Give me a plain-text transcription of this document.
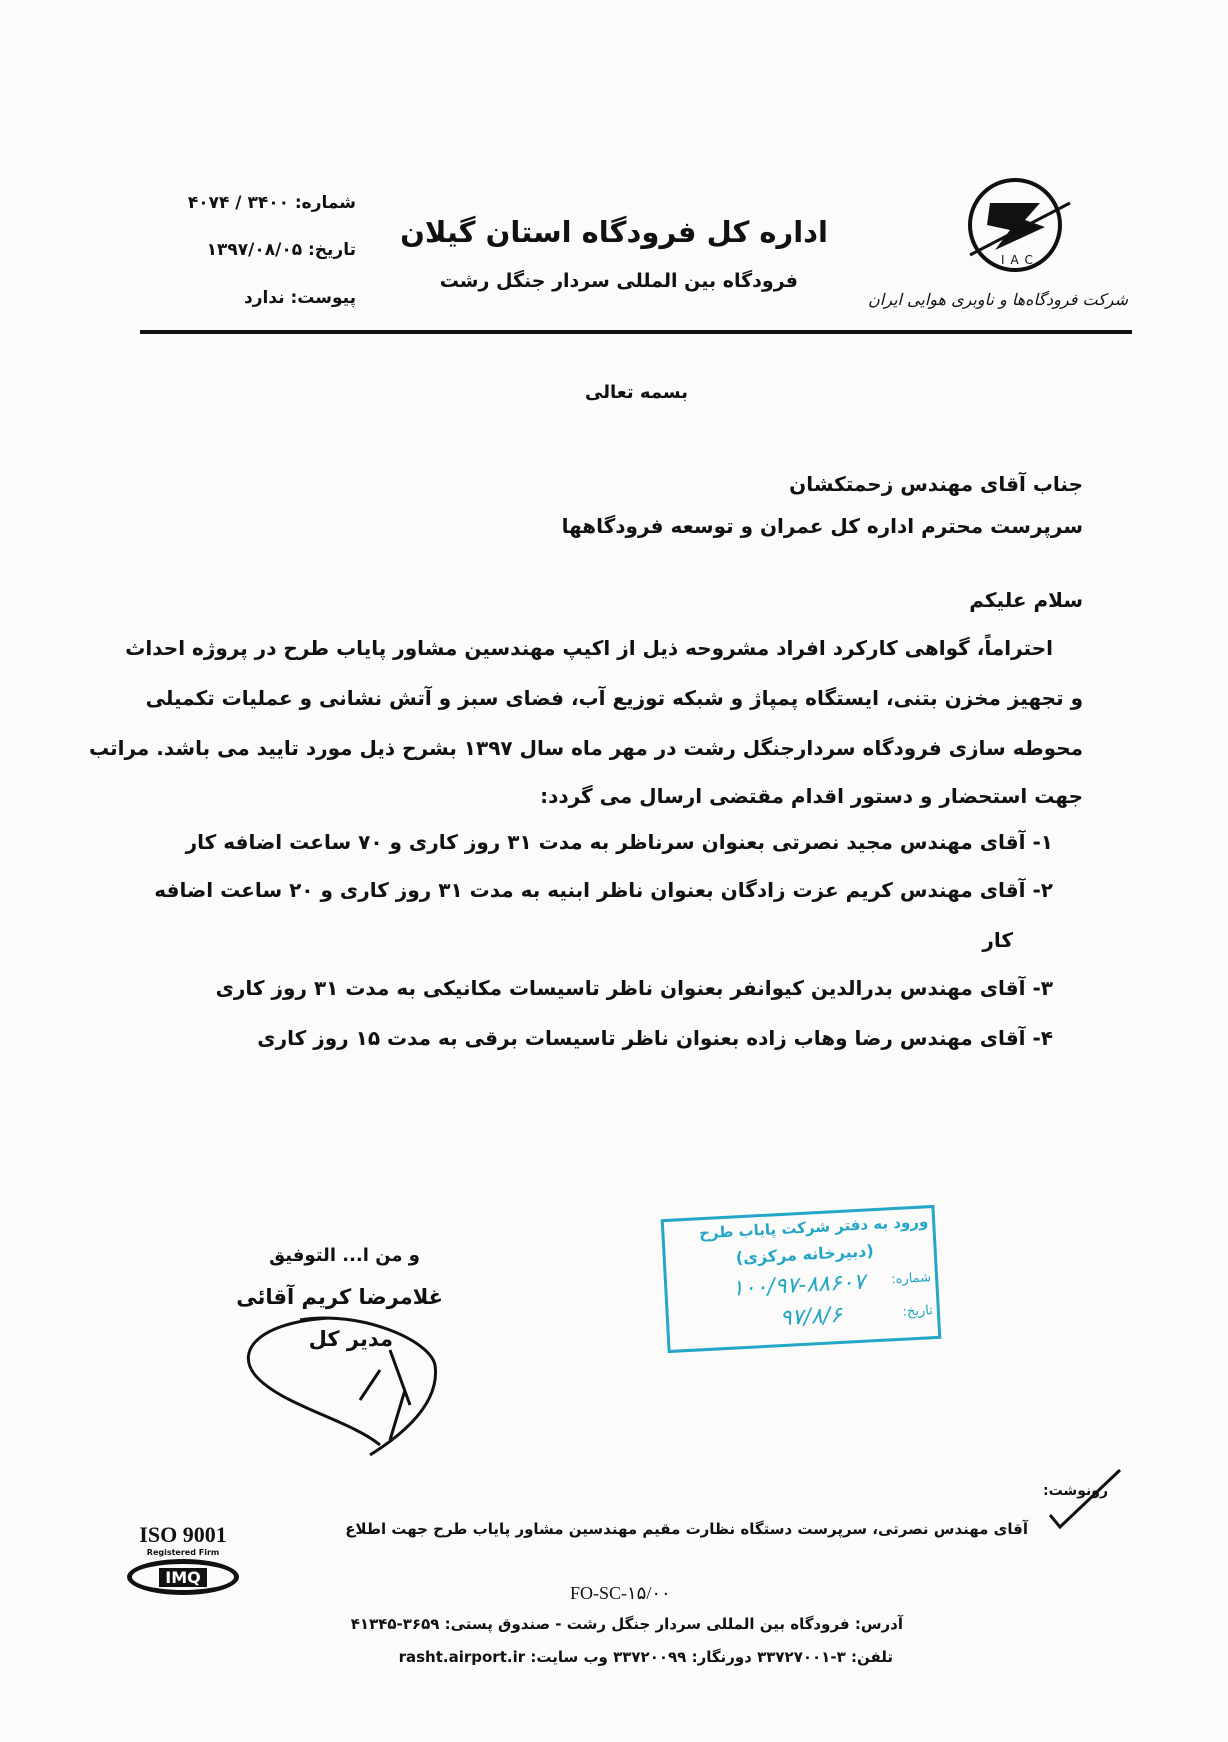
IAC
شرکت فرودگاه‌ها و ناوبری هوایی ایران
اداره کل فرودگاه استان گیلان
فرودگاه بین المللی سردار جنگل رشت
شماره: ۳۴۰۰ / ۴۰۷۴
تاریخ: ۱۳۹۷/۰۸/۰۵
پیوست: ندارد
بسمه تعالی
جناب آقای مهندس زحمتکشان
سرپرست محترم اداره کل عمران و توسعه فرودگاهها
سلام علیکم
احتراماً، گواهی کارکرد افراد مشروحه ذیل از اکیپ مهندسین مشاور پایاب طرح در پروژه احداث
و تجهیز مخزن بتنی، ایستگاه پمپاژ و شبکه توزیع آب، فضای سبز و آتش نشانی و عملیات تکمیلی
محوطه سازی فرودگاه سردارجنگل رشت در مهر ماه سال ۱۳۹۷ بشرح ذیل مورد تایید می باشد. مراتب
جهت استحضار و دستور اقدام مقتضی ارسال می گردد:
۱- آقای مهندس مجید نصرتی بعنوان سرناظر به مدت ۳۱ روز کاری و ۷۰ ساعت اضافه کار
۲- آقای مهندس کریم عزت زادگان بعنوان ناظر ابنیه به مدت ۳۱ روز کاری و ۲۰ ساعت اضافه
کار
۳- آقای مهندس بدرالدین کیوانفر بعنوان ناظر تاسیسات مکانیکی به مدت ۳۱ روز کاری
۴- آقای مهندس رضا وهاب زاده بعنوان ناظر تاسیسات برقی به مدت ۱۵ روز کاری
و من ا... التوفیق
غلامرضا کریم آقائی
مدیر کل
ورود به دفتر شرکت پایاب طرح
(دبیرخانه مرکزی)
شماره:
۱۰۰/۹۷-۸۸۶۰۷
تاریخ:
۹۷/۸/۶
رونوشت:
آقای مهندس نصرتی، سرپرست دستگاه نظارت مقیم مهندسین مشاور پایاب طرح جهت اطلاع
ISO 9001
Registered Firm
IMQ
FO-SC-۱۵/۰۰
آدرس: فرودگاه بین المللی سردار جنگل رشت - صندوق پستی: ۳۶۵۹-۴۱۳۴۵
تلفن: ۳-۳۳۷۲۷۰۰۱ دورنگار: ۳۳۷۲۰۰۹۹ وب سایت: rasht.airport.ir
